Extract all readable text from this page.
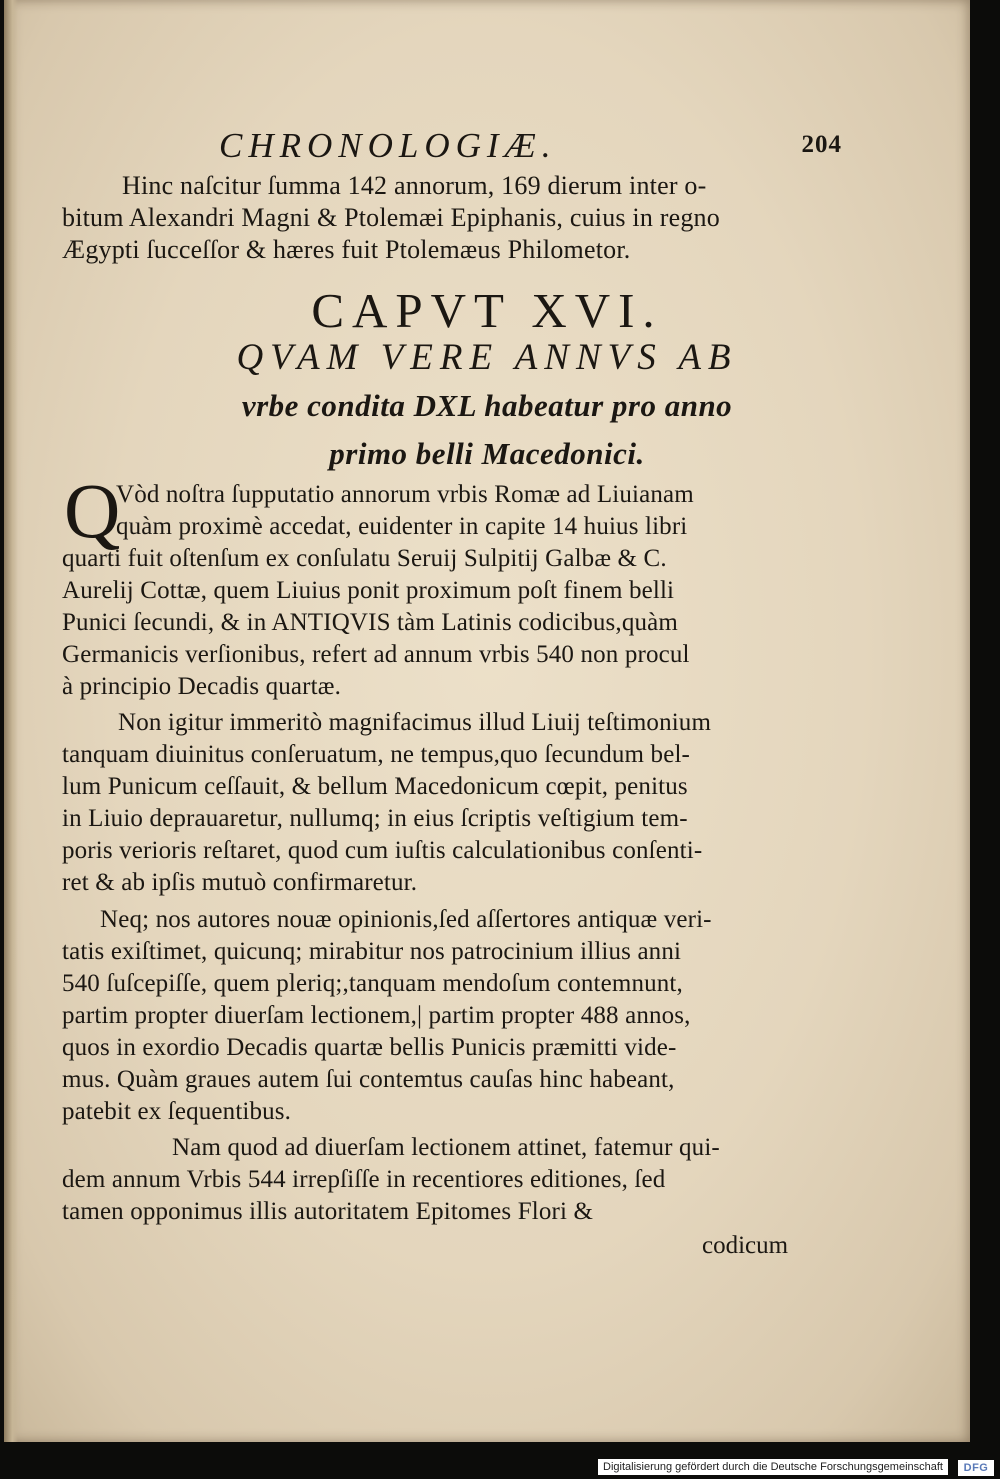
CHRONOLOGIÆ.	204
Hinc naſcitur ſumma 142 annorum, 169 dierum inter o-
bitum Alexandri Magni & Ptolemæi Epiphanis, cuius in regno
Ægypti ſucceſſor & hæres fuit Ptolemæus Philometor.
CAPVT XVI.
QVAM VERE ANNVS AB
vrbe condita DXL habeatur pro anno
primo belli Macedonici.
Q
Vòd noſtra ſupputatio annorum vrbis Romæ ad Liuianam
quàm proximè accedat, euidenter in capite 14 huius libri
quarti fuit oſtenſum ex conſulatu Seruij Sulpitij Galbæ & C.
Aurelij Cottæ, quem Liuius ponit proximum poſt finem belli
Punici ſecundi, & in ANTIQVIS tàm Latinis codicibus,quàm
Germanicis verſionibus, refert ad annum vrbis 540 non procul
à principio Decadis quartæ.
Non igitur immeritò magnifacimus illud Liuij teſtimonium
tanquam diuinitus conſeruatum, ne tempus,quo ſecundum bel-
lum Punicum ceſſauit, & bellum Macedonicum cœpit, penitus
in Liuio deprauaretur, nullumq; in eius ſcriptis veſtigium tem-
poris verioris reſtaret, quod cum iuſtis calculationibus conſenti-
ret & ab ipſis mutuò confirmaretur.
Neq; nos autores nouæ opinionis,ſed aſſertores antiquæ veri-
tatis exiſtimet, quicunq; mirabitur nos patrocinium illius anni
540 ſuſcepiſſe, quem pleriq;,tanquam mendoſum contemnunt,
partim propter diuerſam lectionem,| partim propter 488 annos,
quos in exordio Decadis quartæ bellis Punicis præmitti vide-
mus. Quàm graues autem ſui contemtus cauſas hinc habeant,
patebit ex ſequentibus.
Nam quod ad diuerſam lectionem attinet, fatemur qui-
dem annum Vrbis 544 irrepſiſſe in recentiores editiones, ſed
tamen opponimus illis autoritatem Epitomes Flori &
codicum
Digitalisierung gefördert durch die Deutsche Forschungsgemeinschaft	DFG
